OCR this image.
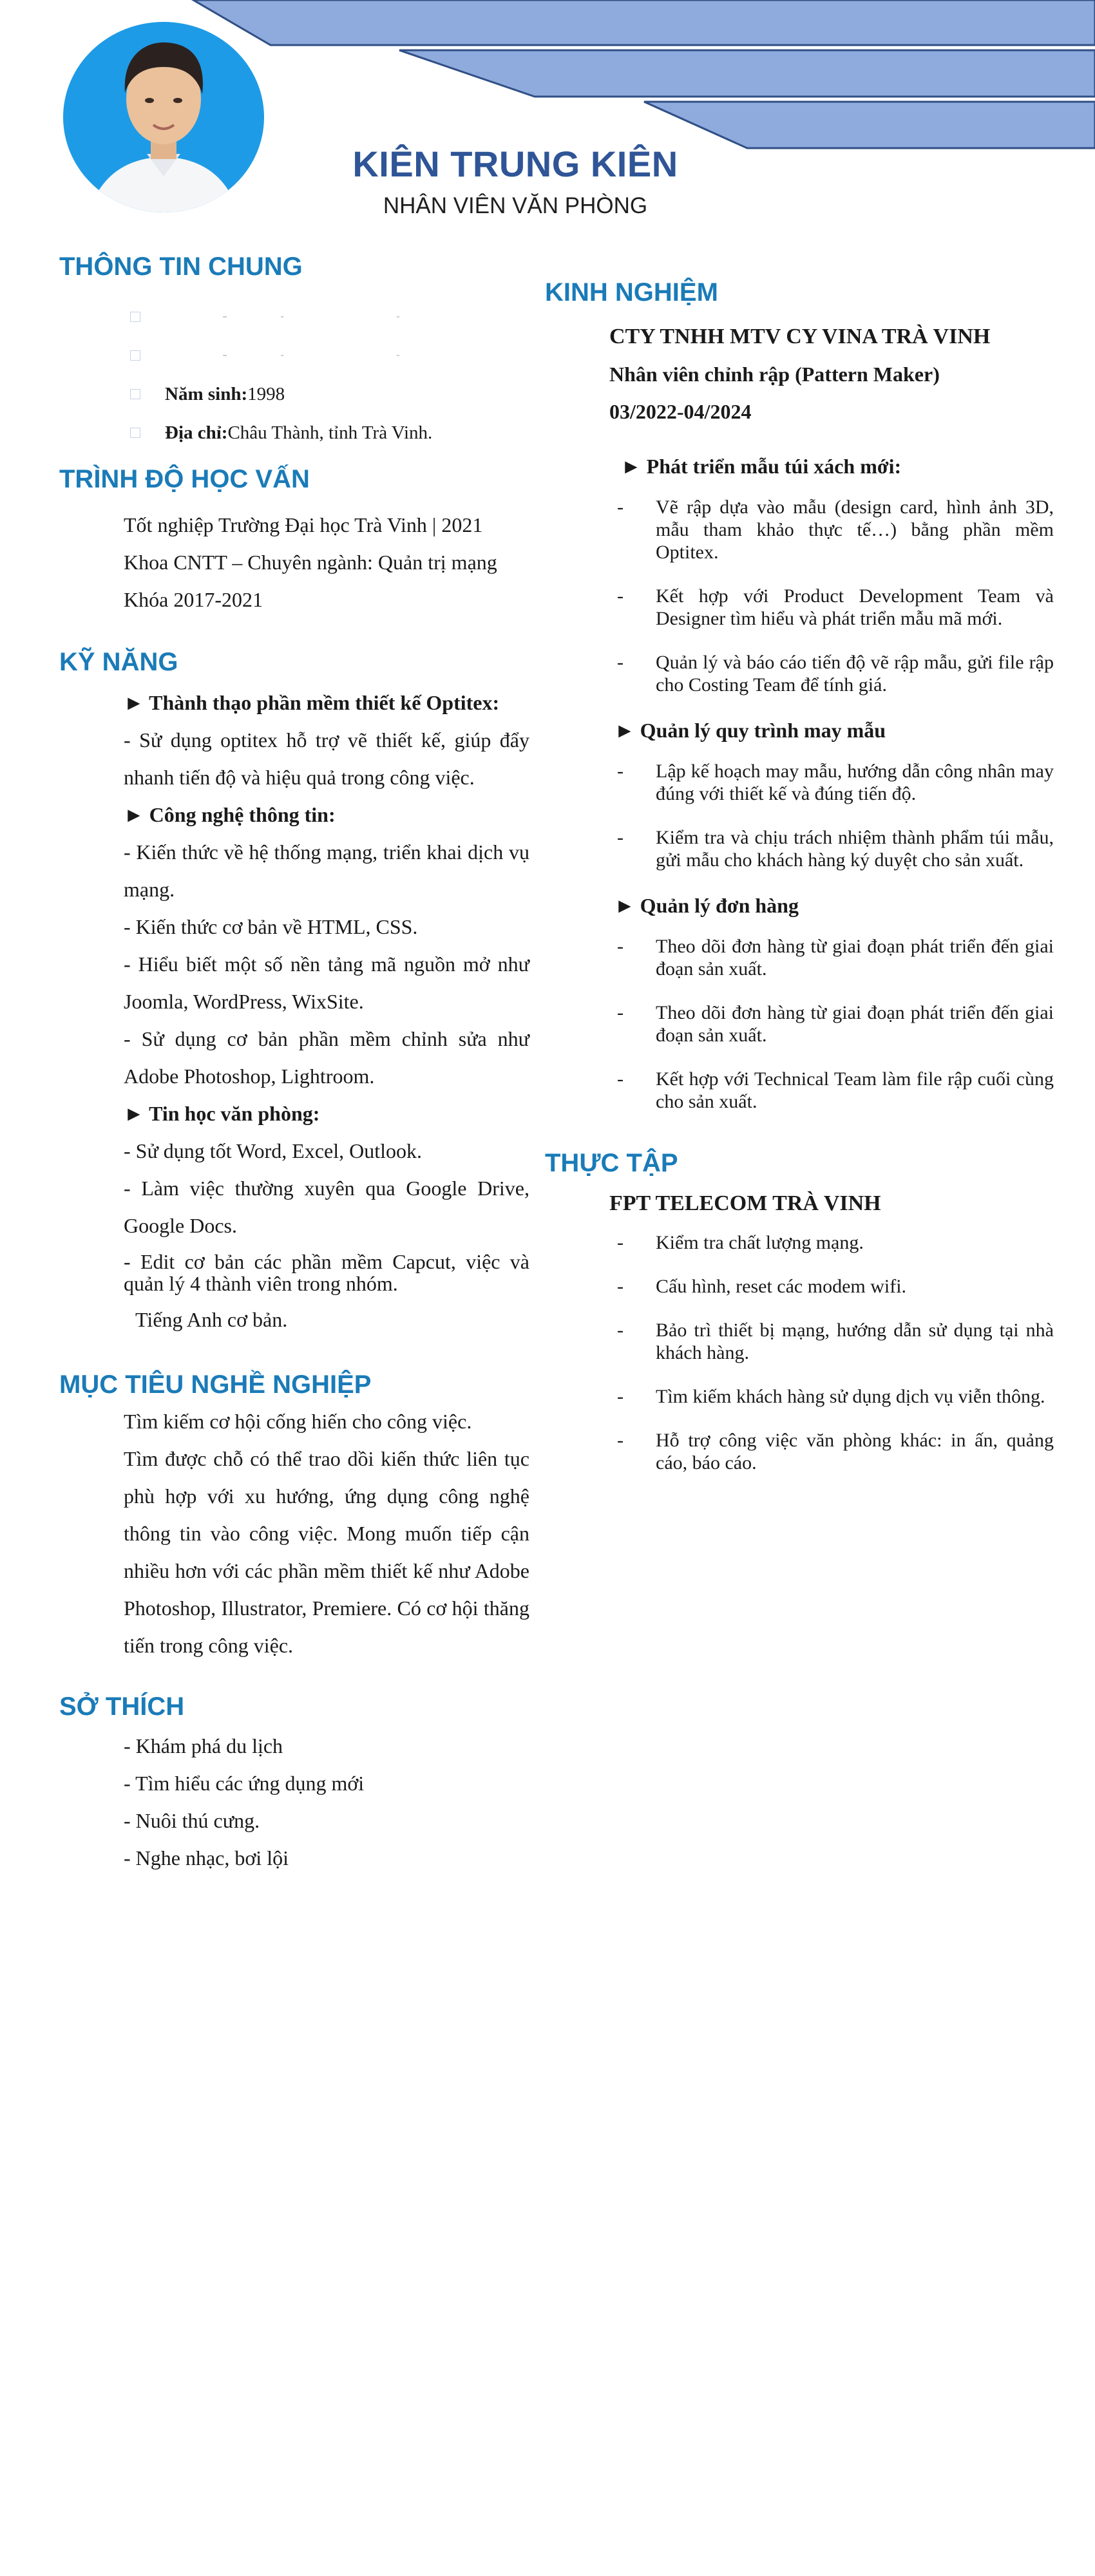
KIÊN TRUNG KIÊN
NHÂN VIÊN VĂN PHÒNG
THÔNG TIN CHUNG
Năm sinh: 1998
Địa chỉ: Châu Thành, tỉnh Trà Vinh.
TRÌNH ĐỘ HỌC VẤN
Tốt nghiệp Trường Đại học Trà Vinh | 2021
Khoa CNTT – Chuyên ngành: Quản trị mạng
Khóa 2017-2021
KỸ NĂNG
► Thành thạo phần mềm thiết kế Optitex:
- Sử dụng optitex hỗ trợ vẽ thiết kế, giúp đẩy nhanh tiến độ và hiệu quả trong công việc.
► Công nghệ thông tin:
- Kiến thức về hệ thống mạng, triển khai dịch vụ mạng.
- Kiến thức cơ bản về HTML, CSS.
- Hiểu biết một số nền tảng mã nguồn mở như Joomla, WordPress, WixSite.
- Sử dụng cơ bản phần mềm chỉnh sửa như Adobe Photoshop, Lightroom.
► Tin học văn phòng:
- Sử dụng tốt Word, Excel, Outlook.
- Làm việc thường xuyên qua Google Drive, Google Docs.
- Edit cơ bản các phần mềm Capcut, việc và quản lý 4 thành viên trong nhóm.
Tiếng Anh cơ bản.
MỤC TIÊU NGHỀ NGHIỆP
Tìm kiếm cơ hội cống hiến cho công việc.
Tìm được chỗ có thể trao dồi kiến thức liên tục phù hợp với xu hướng, ứng dụng công nghệ thông tin vào công việc. Mong muốn tiếp cận nhiều hơn với các phần mềm thiết kế như Adobe Photoshop, Illustrator, Premiere. Có cơ hội thăng tiến trong công việc.
SỞ THÍCH
- Khám phá du lịch
- Tìm hiểu các ứng dụng mới
- Nuôi thú cưng.
- Nghe nhạc, bơi lội
KINH NGHIỆM
CTY TNHH MTV CY VINA TRÀ VINH
Nhân viên chỉnh rập (Pattern Maker)
03/2022-04/2024
► Phát triển mẫu túi xách mới:
- Vẽ rập dựa vào mẫu (design card, hình ảnh 3D, mẫu tham khảo thực tế…) bằng phần mềm Optitex.
- Kết hợp với Product Development Team và Designer tìm hiểu và phát triển mẫu mã mới.
- Quản lý và báo cáo tiến độ vẽ rập mẫu, gửi file rập cho Costing Team để tính giá.
► Quản lý quy trình may mẫu
- Lập kế hoạch may mẫu, hướng dẫn công nhân may đúng với thiết kế và đúng tiến độ.
- Kiểm tra và chịu trách nhiệm thành phẩm túi mẫu, gửi mẫu cho khách hàng ký duyệt cho sản xuất.
► Quản lý đơn hàng
- Theo dõi đơn hàng từ giai đoạn phát triển đến giai đoạn sản xuất.
- Theo dõi đơn hàng từ giai đoạn phát triển đến giai đoạn sản xuất.
- Kết hợp với Technical Team làm file rập cuối cùng cho sản xuất.
THỰC TẬP
FPT TELECOM TRÀ VINH
- Kiểm tra chất lượng mạng.
- Cấu hình, reset các modem wifi.
- Bảo trì thiết bị mạng, hướng dẫn sử dụng tại nhà khách hàng.
- Tìm kiếm khách hàng sử dụng dịch vụ viễn thông.
- Hỗ trợ công việc văn phòng khác: in ấn, quảng cáo, báo cáo.
